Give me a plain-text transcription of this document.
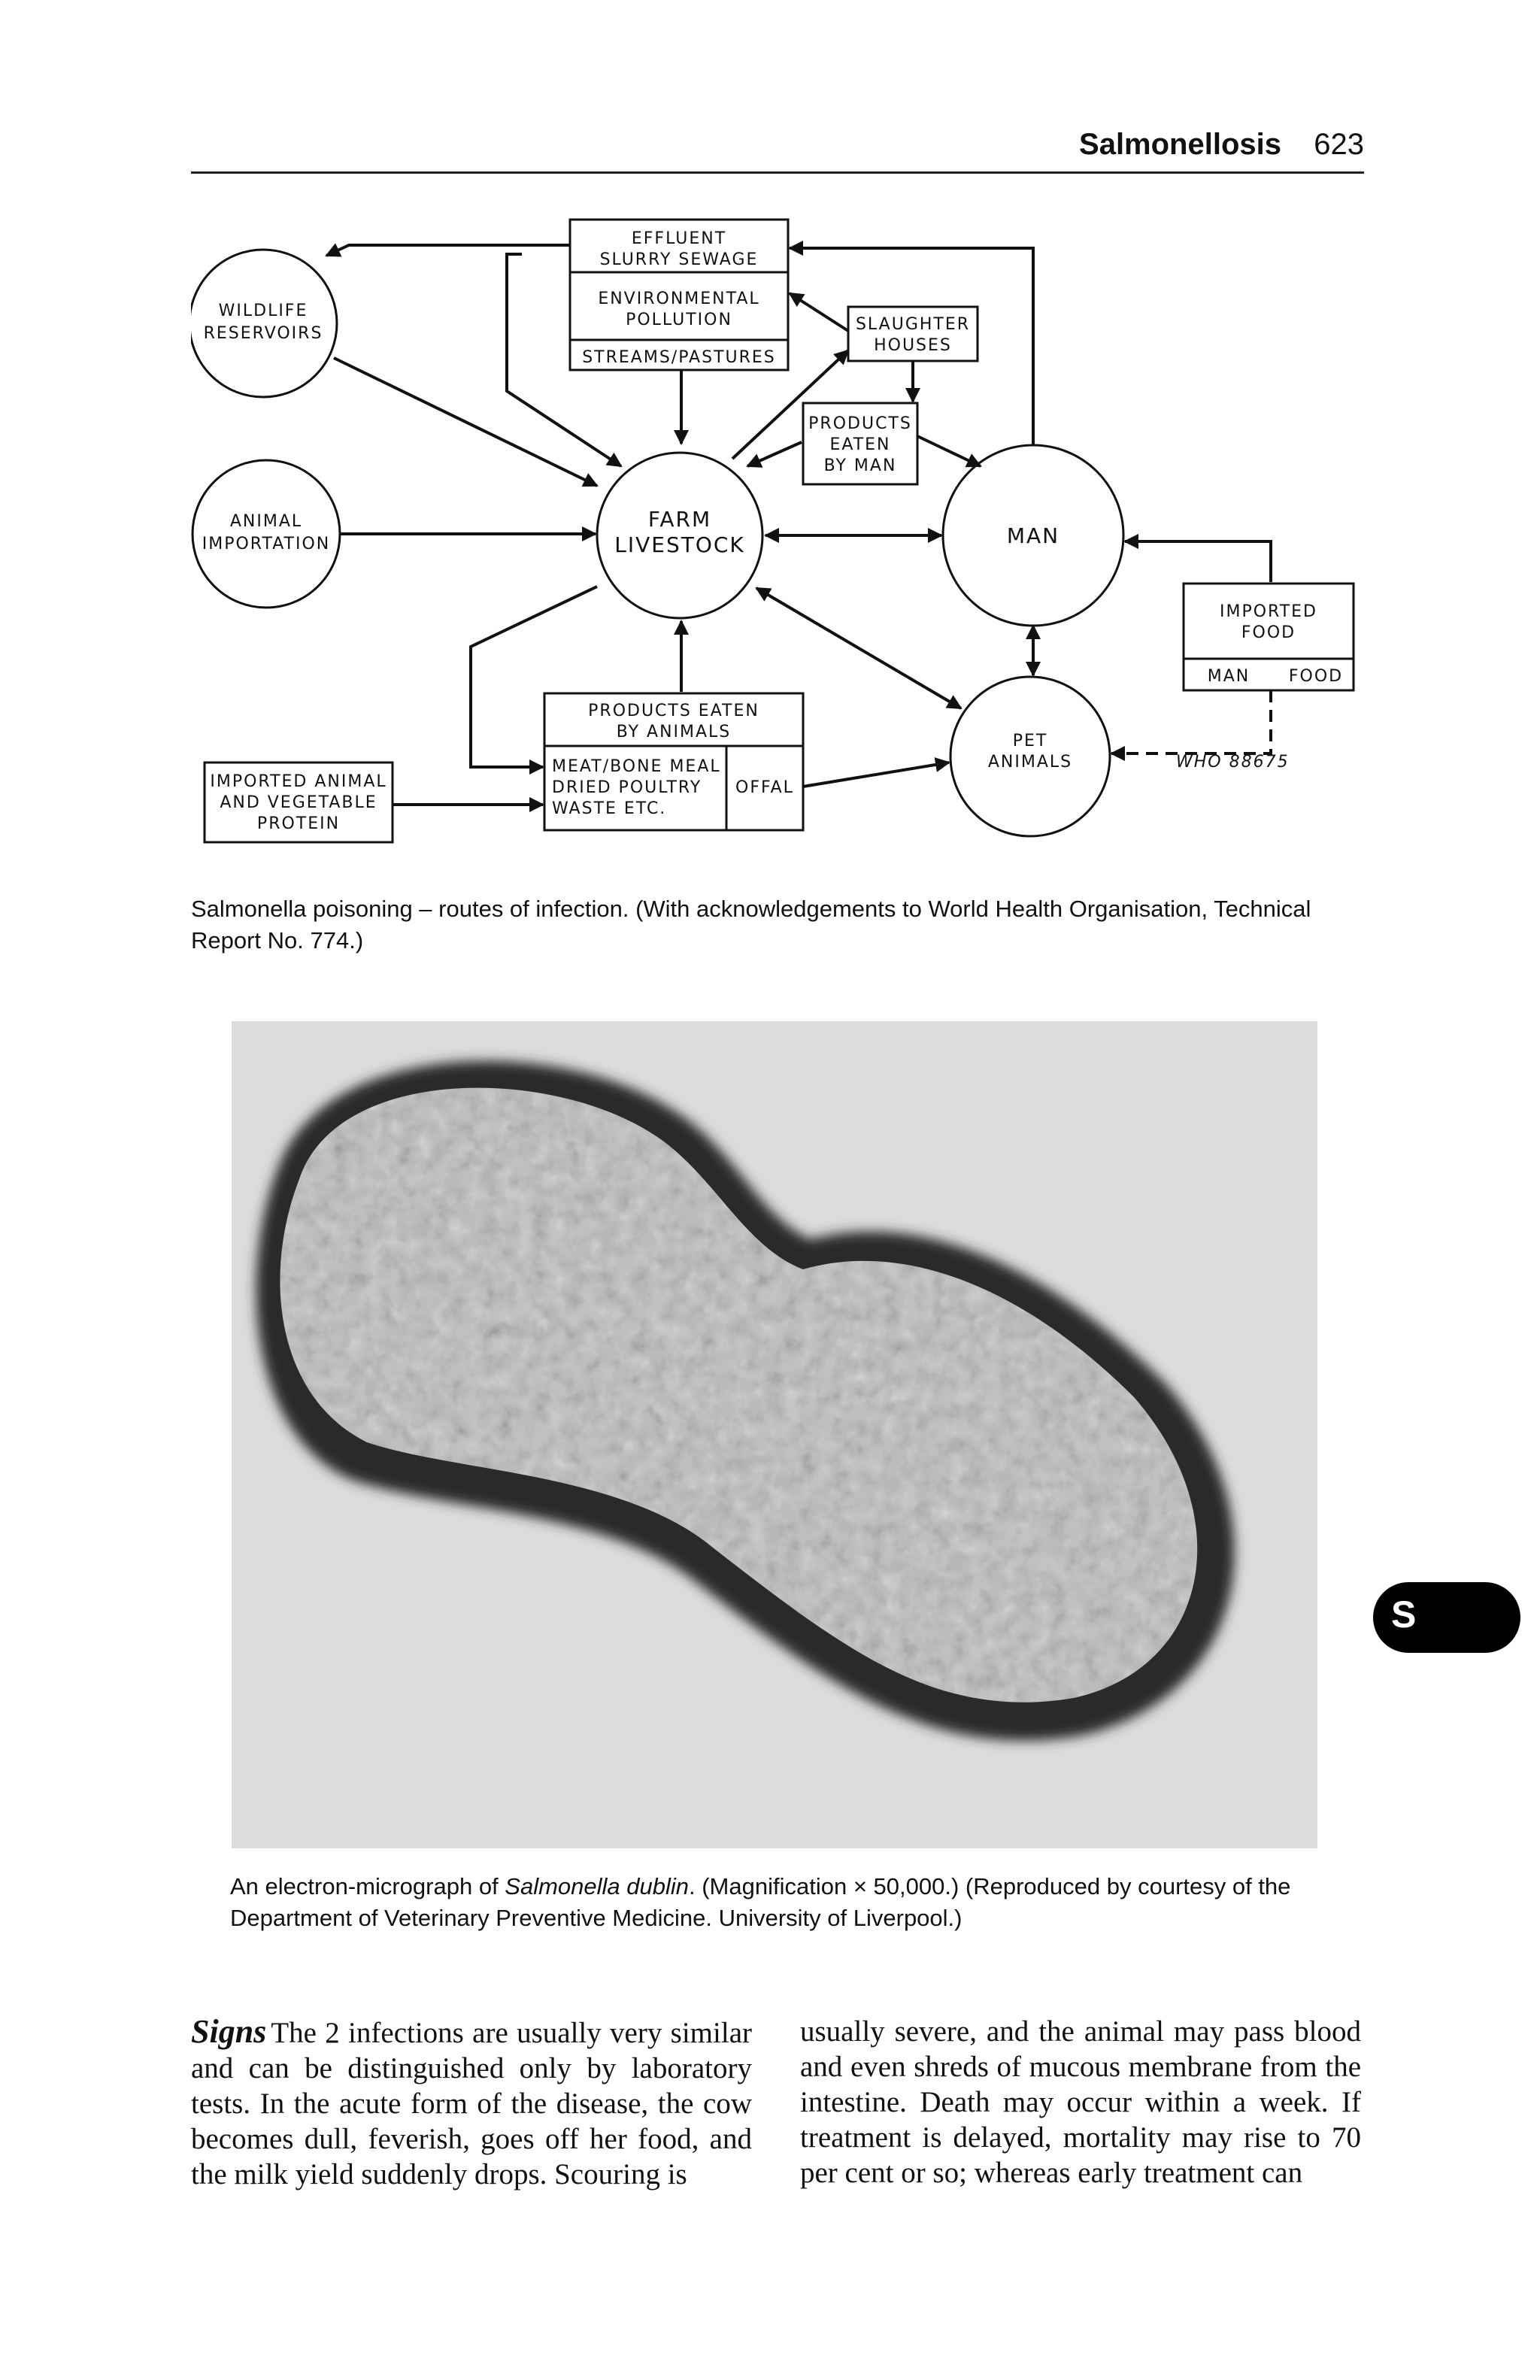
Salmonellosis 623
WILDLIFE
RESERVOIRS
ANIMAL
IMPORTATION
FARM
LIVESTOCK	MAN
PET
ANIMALS
EFFLUENT
SLURRY SEWAGE
ENVIRONMENTAL
POLLUTION
STREAMS/PASTURES
SLAUGHTER
HOUSES
PRODUCTS
EATEN
BY MAN
IMPORTED
FOOD
MAN FOOD
PRODUCTS EATEN
BY ANIMALS
MEAT/BONE MEAL
DRIED POULTRY
WASTE ETC.
OFFAL
IMPORTED ANIMAL
AND VEGETABLE
PROTEIN
WHO 88675
Salmonella poisoning – routes of infection. (With acknowledgements to World Health Organisation, Technical Report No. 774.)
An electron-micrograph of Salmonella dublin. (Magnification × 50,000.) (Reproduced by courtesy of the Department of Veterinary Preventive Medicine. University of Liverpool.)
S
Signs The 2 infections are usually very similar and can be distinguished only by laboratory tests. In the acute form of the disease, the cow becomes dull, feverish, goes off her food, and the milk yield suddenly drops. Scouring is
usually severe, and the animal may pass blood and even shreds of mucous membrane from the intestine. Death may occur within a week. If treatment is delayed, mortality may rise to 70 per cent or so; whereas early treatment can
